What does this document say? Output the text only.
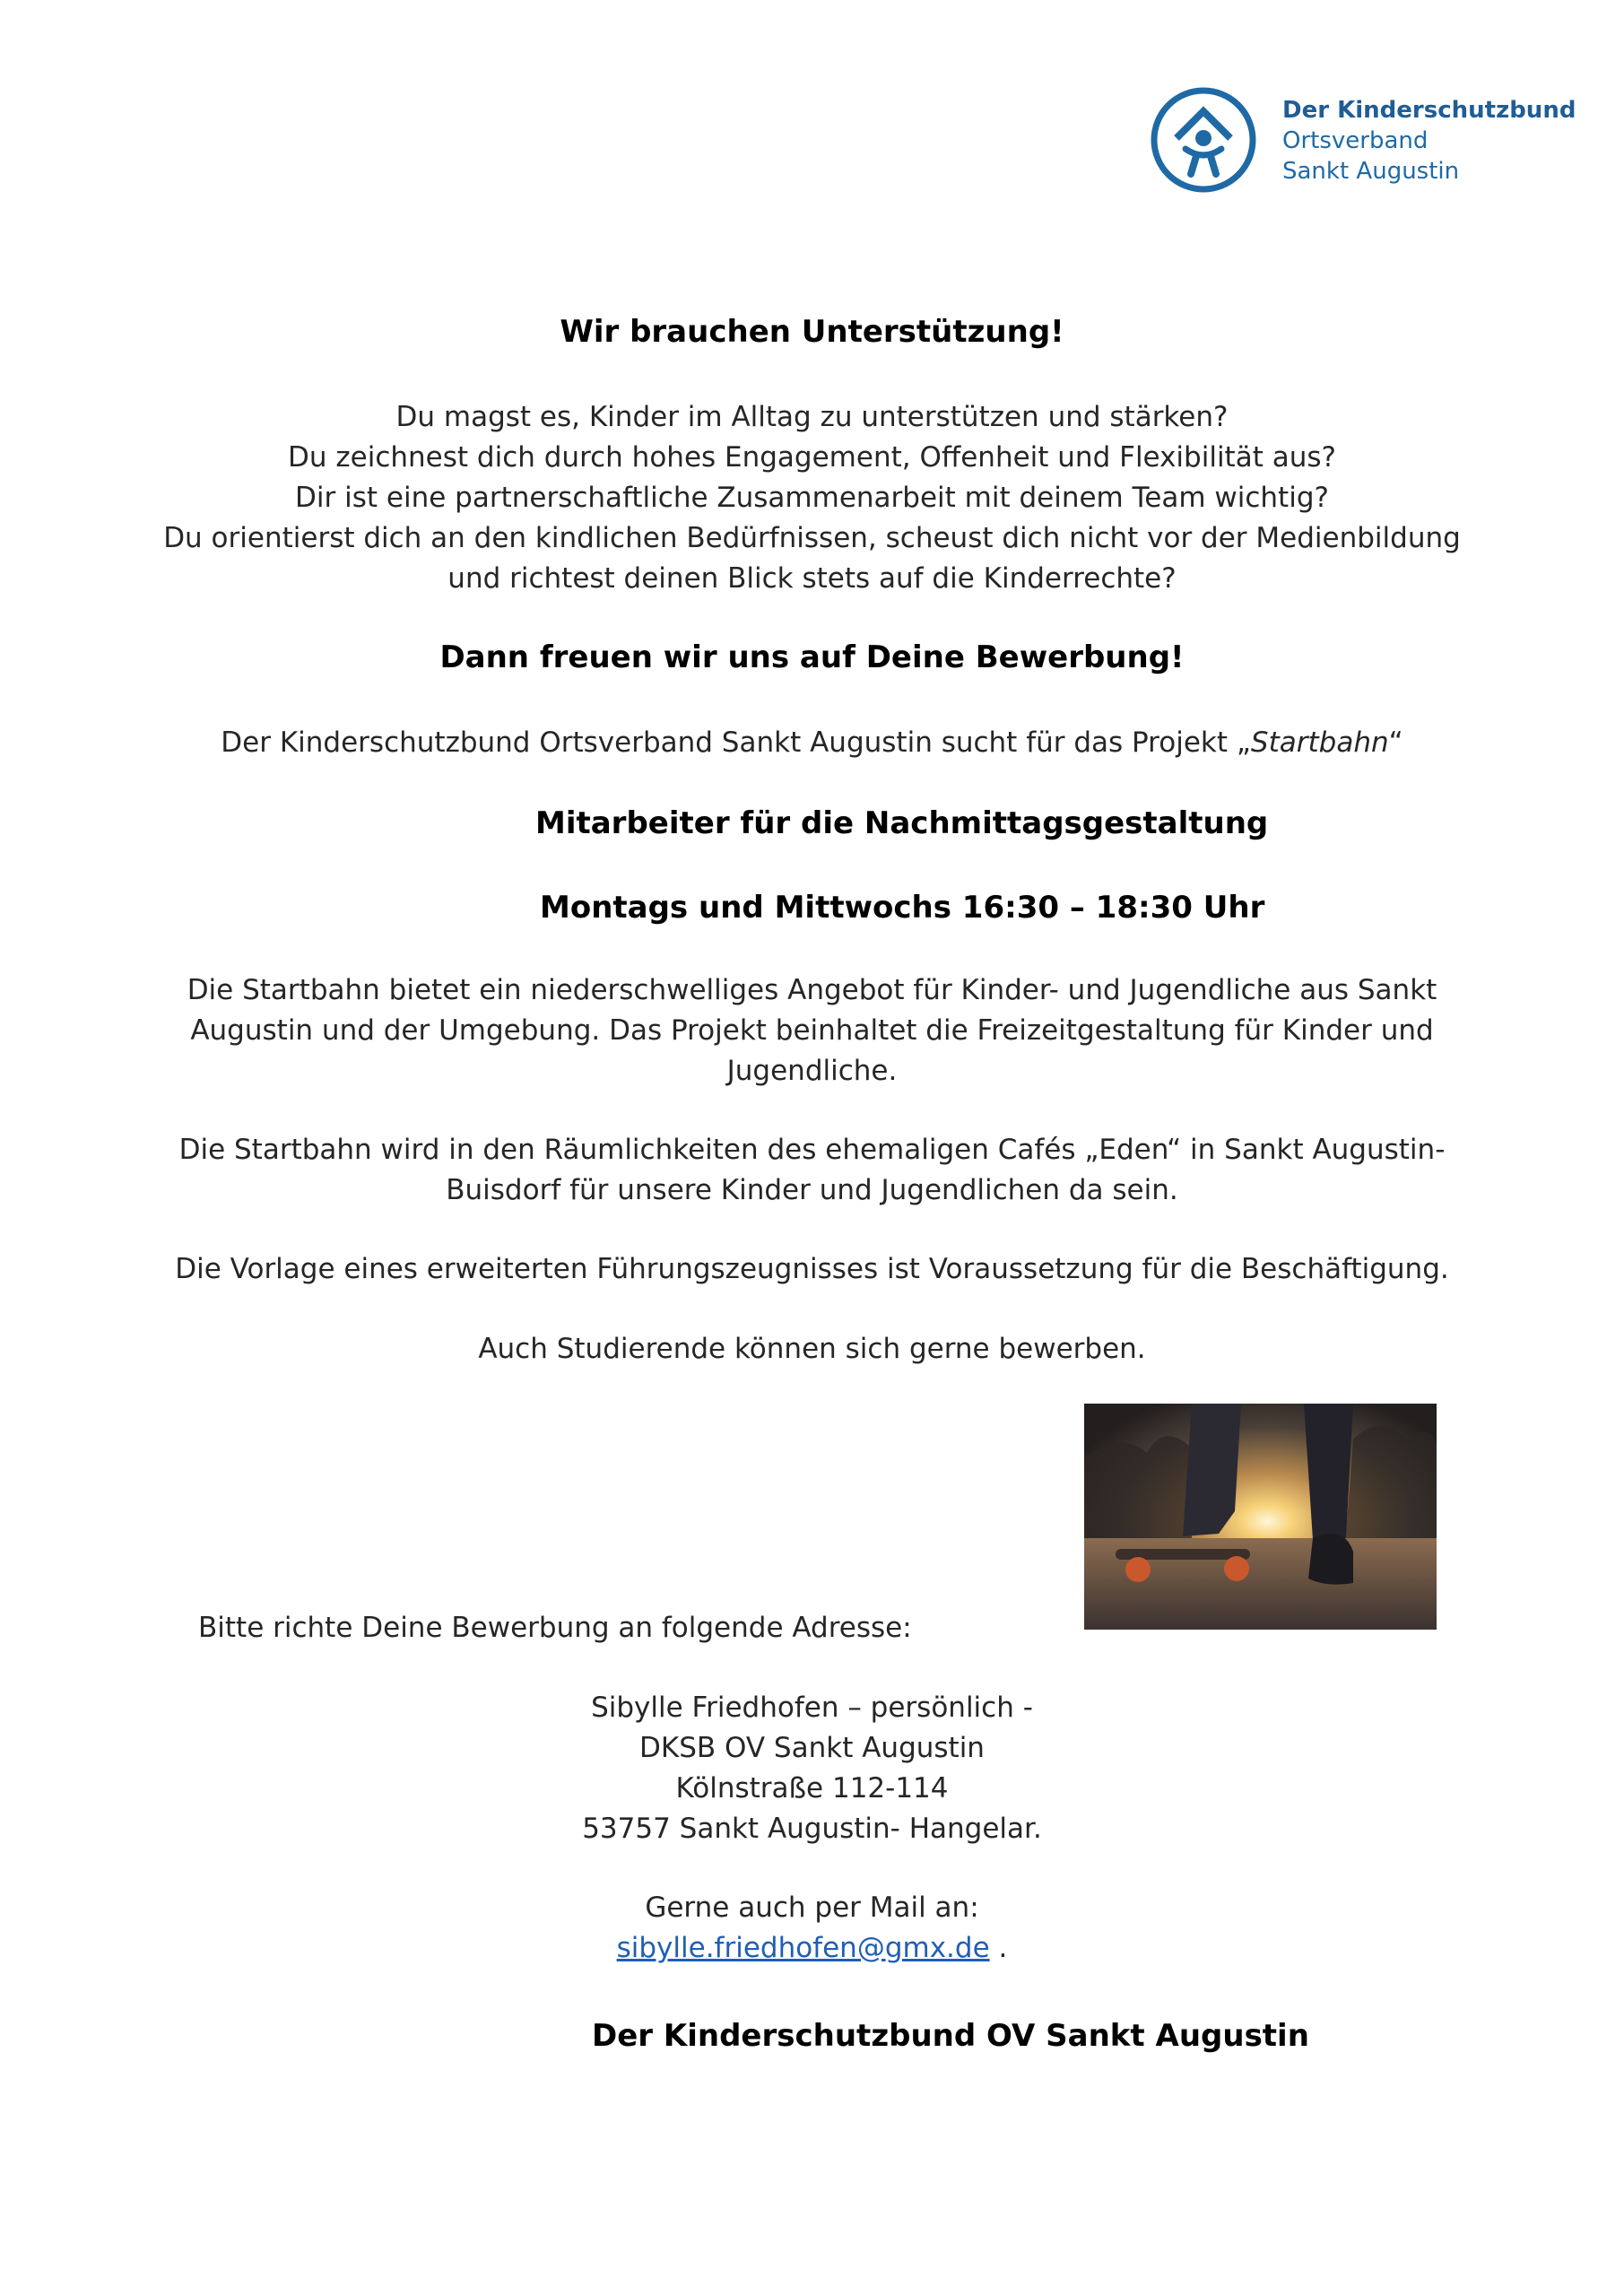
Der Kinderschutzbund
Ortsverband
Sankt Augustin
Wir brauchen Unterstützung!
Du magst es, Kinder im Alltag zu unterstützen und stärken?
Du zeichnest dich durch hohes Engagement, Offenheit und Flexibilität aus?
Dir ist eine partnerschaftliche Zusammenarbeit mit deinem Team wichtig?
Du orientierst dich an den kindlichen Bedürfnissen, scheust dich nicht vor der Medienbildung
und richtest deinen Blick stets auf die Kinderrechte?
Dann freuen wir uns auf Deine Bewerbung!
Der Kinderschutzbund Ortsverband Sankt Augustin sucht für das Projekt „Startbahn“
Mitarbeiter für die Nachmittagsgestaltung
Montags und Mittwochs 16:30 – 18:30 Uhr
Die Startbahn bietet ein niederschwelliges Angebot für Kinder- und Jugendliche aus Sankt
Augustin und der Umgebung. Das Projekt beinhaltet die Freizeitgestaltung für Kinder und
Jugendliche.
Die Startbahn wird in den Räumlichkeiten des ehemaligen Cafés „Eden“ in Sankt Augustin-
Buisdorf für unsere Kinder und Jugendlichen da sein.
Die Vorlage eines erweiterten Führungszeugnisses ist Voraussetzung für die Beschäftigung.
Auch Studierende können sich gerne bewerben.
Bitte richte Deine Bewerbung an folgende Adresse:
Sibylle Friedhofen – persönlich -
DKSB OV Sankt Augustin
Kölnstraße 112-114
53757 Sankt Augustin- Hangelar.
Gerne auch per Mail an:
sibylle.friedhofen@gmx.de .
Der Kinderschutzbund OV Sankt Augustin
